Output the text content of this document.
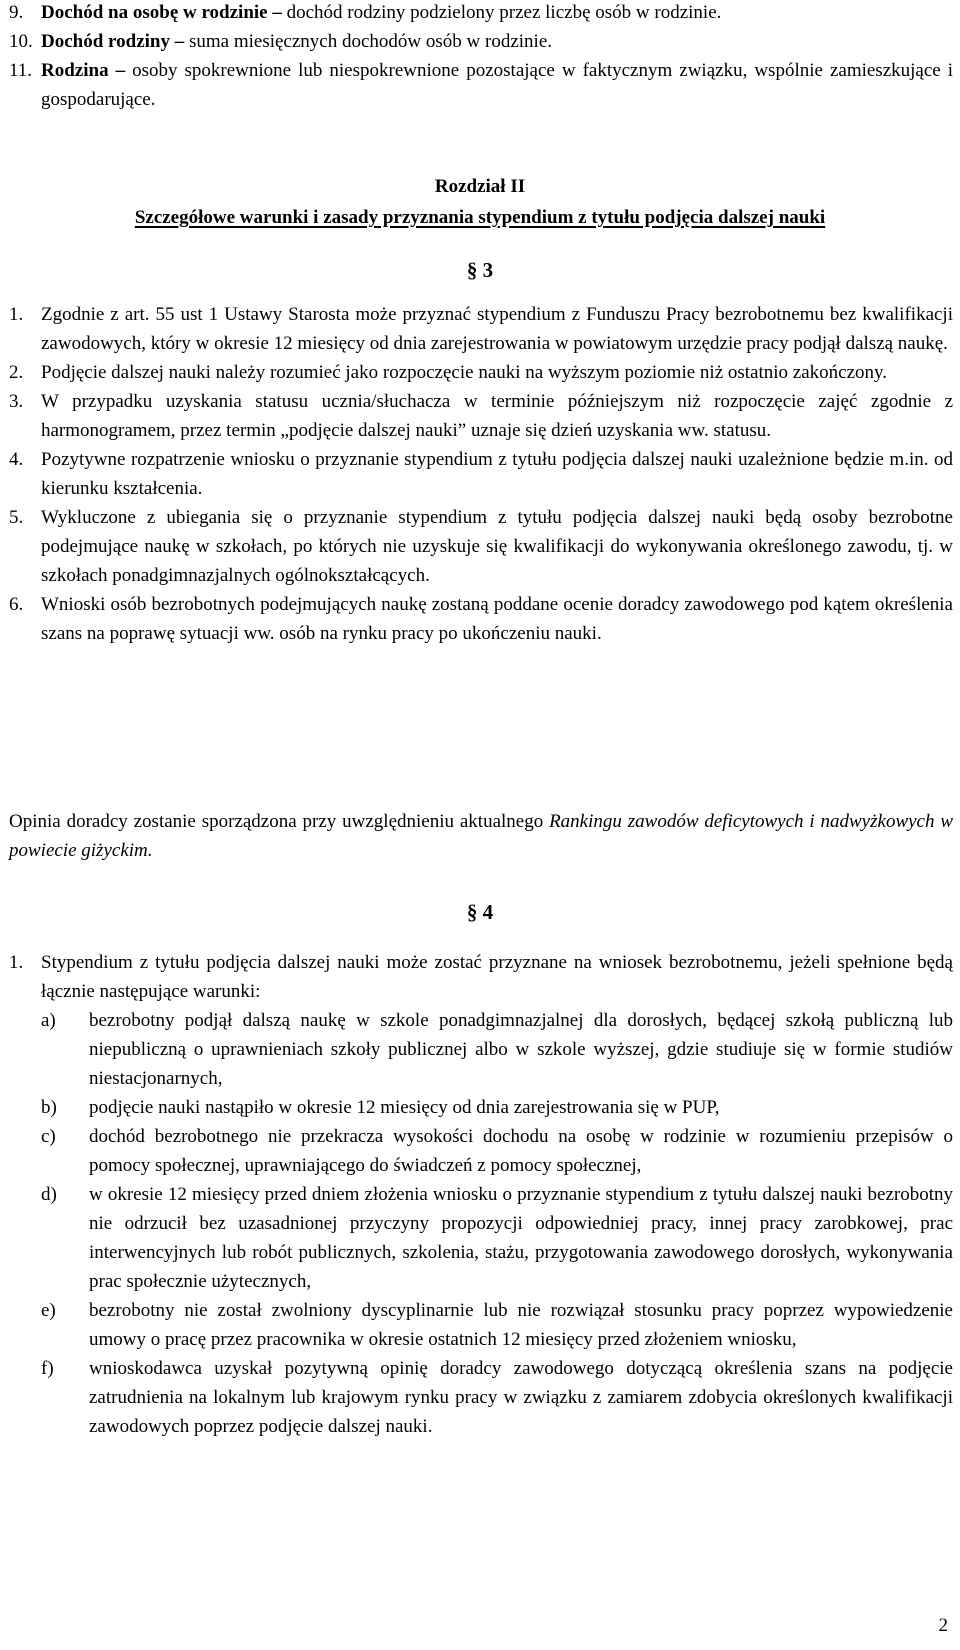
9. Dochód na osobę w rodzinie – dochód rodziny podzielony przez liczbę osób w rodzinie.
10. Dochód rodziny – suma miesięcznych dochodów osób w rodzinie.
11. Rodzina – osoby spokrewnione lub niespokrewnione pozostające w faktycznym związku, wspólnie zamieszkujące i gospodarujące.
Rozdział II
Szczegółowe warunki i zasady przyznania stypendium z tytułu podjęcia dalszej nauki
§ 3
1. Zgodnie z art. 55 ust 1 Ustawy Starosta może przyznać stypendium z Funduszu Pracy bezrobotnemu bez kwalifikacji zawodowych, który w okresie 12 miesięcy od dnia zarejestrowania w powiatowym urzędzie pracy podjął dalszą naukę.
2. Podjęcie dalszej nauki należy rozumieć jako rozpoczęcie nauki na wyższym poziomie niż ostatnio zakończony.
3. W przypadku uzyskania statusu ucznia/słuchacza w terminie późniejszym niż rozpoczęcie zajęć zgodnie z harmonogramem, przez termin „podjęcie dalszej nauki” uznaje się dzień uzyskania ww. statusu.
4. Pozytywne rozpatrzenie wniosku o przyznanie stypendium z tytułu podjęcia dalszej nauki uzależnione będzie m.in. od kierunku kształcenia.
5. Wykluczone z ubiegania się o przyznanie stypendium z tytułu podjęcia dalszej nauki będą osoby bezrobotne podejmujące naukę w szkołach, po których nie uzyskuje się kwalifikacji do wykonywania określonego zawodu, tj. w szkołach ponadgimnazjalnych ogólnokształcących.
6. Wnioski osób bezrobotnych podejmujących naukę zostaną poddane ocenie doradcy zawodowego pod kątem określenia szans na poprawę sytuacji ww. osób na rynku pracy po ukończeniu nauki.
Opinia doradcy zostanie sporządzona przy uwzględnieniu aktualnego Rankingu zawodów deficytowych i nadwyżkowych w powiecie giżyckim.
§ 4
1. Stypendium z tytułu podjęcia dalszej nauki może zostać przyznane na wniosek bezrobotnemu, jeżeli spełnione będą łącznie następujące warunki:
a) bezrobotny podjął dalszą naukę w szkole ponadgimnazjalnej dla dorosłych, będącej szkołą publiczną lub niepubliczną o uprawnieniach szkoły publicznej albo w szkole wyższej, gdzie studiuje się w formie studiów niestacjonarnych,
b) podjęcie nauki nastąpiło w okresie 12 miesięcy od dnia zarejestrowania się w PUP,
c) dochód bezrobotnego nie przekracza wysokości dochodu na osobę w rodzinie w rozumieniu przepisów o pomocy społecznej, uprawniającego do świadczeń z pomocy społecznej,
d) w okresie 12 miesięcy przed dniem złożenia wniosku o przyznanie stypendium z tytułu dalszej nauki bezrobotny nie odrzucił bez uzasadnionej przyczyny propozycji odpowiedniej pracy, innej pracy zarobkowej, prac interwencyjnych lub robót publicznych, szkolenia, stażu, przygotowania zawodowego dorosłych, wykonywania prac społecznie użytecznych,
e) bezrobotny nie został zwolniony dyscyplinarnie lub nie rozwiązał stosunku pracy poprzez wypowiedzenie umowy o pracę przez pracownika w okresie ostatnich 12 miesięcy przed złożeniem wniosku,
f) wnioskodawca uzyskał pozytywną opinię doradcy zawodowego dotyczącą określenia szans na podjęcie zatrudnienia na lokalnym lub krajowym rynku pracy w związku z zamiarem zdobycia określonych kwalifikacji zawodowych poprzez podjęcie dalszej nauki.
2
